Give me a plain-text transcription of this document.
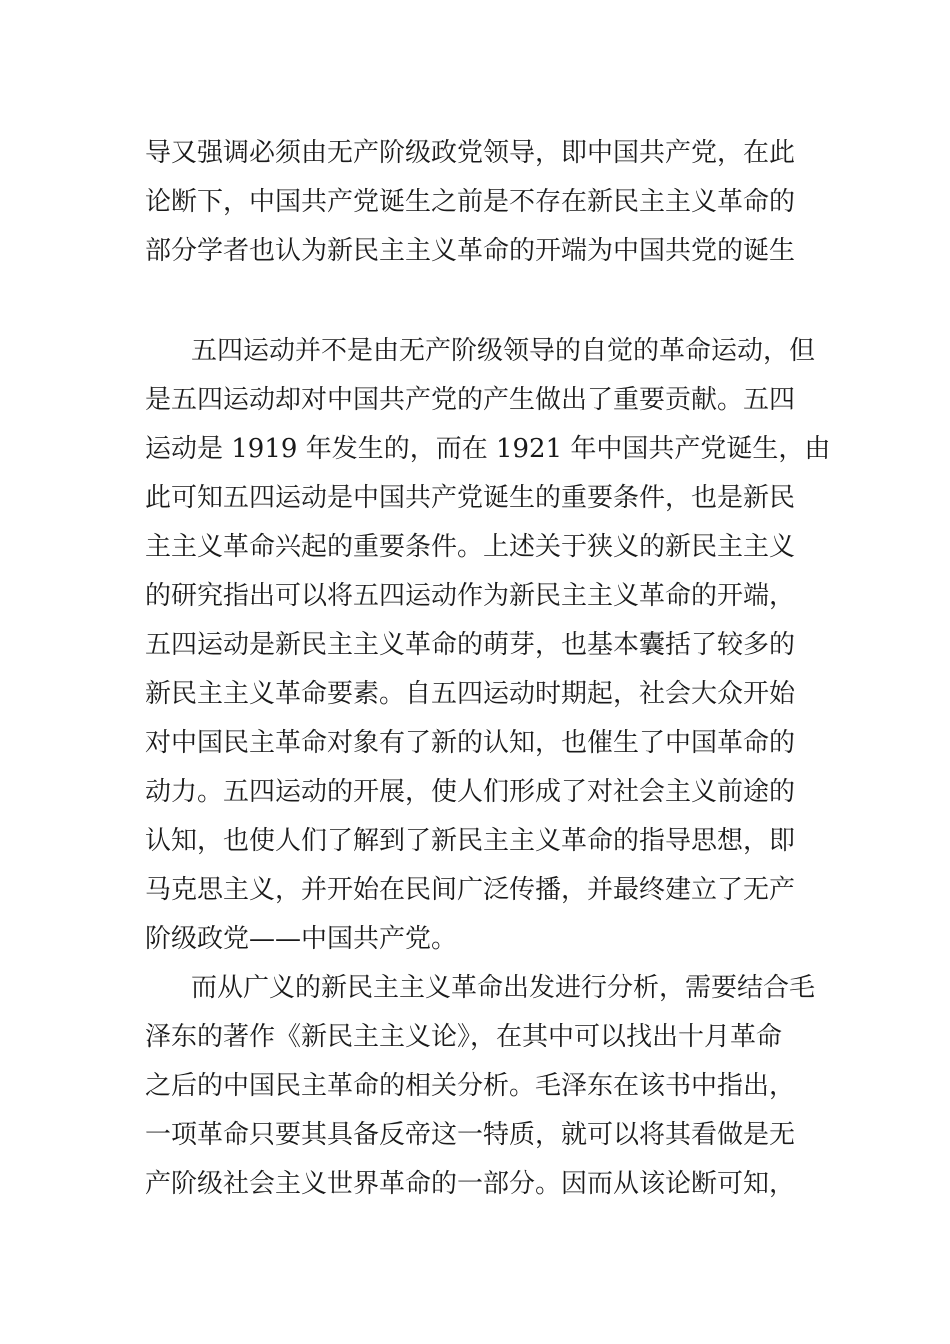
导又强调必须由无产阶级政党领导，即中国共产党，在此
论断下，中国共产党诞生之前是不存在新民主主义革命的
部分学者也认为新民主主义革命的开端为中国共党的诞生
五四运动并不是由无产阶级领导的自觉的革命运动，但
是五四运动却对中国共产党的产生做出了重要贡献。五四
运动是 1919 年发生的，而在 1921 年中国共产党诞生，由
此可知五四运动是中国共产党诞生的重要条件，也是新民
主主义革命兴起的重要条件。上述关于狭义的新民主主义
的研究指出可以将五四运动作为新民主主义革命的开端，
五四运动是新民主主义革命的萌芽，也基本囊括了较多的
新民主主义革命要素。自五四运动时期起，社会大众开始
对中国民主革命对象有了新的认知，也催生了中国革命的
动力。五四运动的开展，使人们形成了对社会主义前途的
认知，也使人们了解到了新民主主义革命的指导思想，即
马克思主义，并开始在民间广泛传播，并最终建立了无产
阶级政党——中国共产党。
而从广义的新民主主义革命出发进行分析，需要结合毛
泽东的著作《新民主主义论》，在其中可以找出十月革命
之后的中国民主革命的相关分析。毛泽东在该书中指出，
一项革命只要其具备反帝这一特质，就可以将其看做是无
产阶级社会主义世界革命的一部分。因而从该论断可知，
